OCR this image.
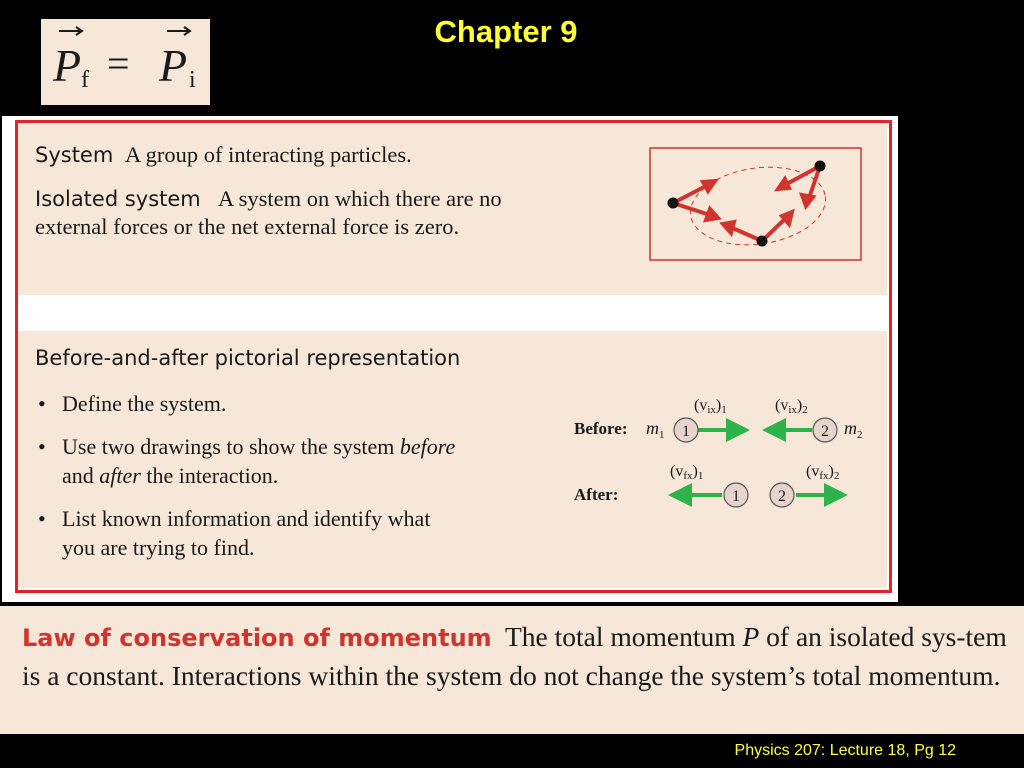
Chapter 9
P f = P i
System A group of interacting particles.
Isolated system A system on which there are no
external forces or the net external force is zero.
Before-and-after pictorial representation
• Define the system.
• Use two drawings to show the system before
and after the interaction.
• List known information and identify what
you are trying to find.
Before: m 1	m 2
(vix)1	(vix)2
After:
(vfx)1	(vfx)2
1	2
1 2

Law of conservation of momentum The total momentum P of an isolated sys-tem is a constant. Interactions within the system do not change the system’s total momentum.

Physics 207: Lecture 18, Pg 12
